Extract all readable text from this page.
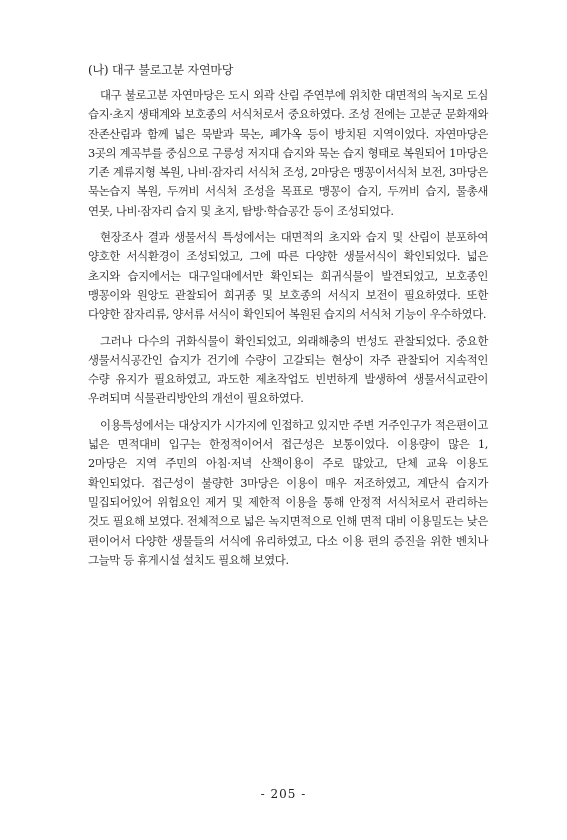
(나) 대구 불로고분 자연마당

대구 불로고분 자연마당은 도시 외곽 산림 주연부에 위치한 대면적의 녹지로 도심 습지·초지 생태계와 보호종의 서식처로서 중요하였다. 조성 전에는 고분군 문화재와 잔존산림과 함께 넓은 묵밭과 묵논, 폐가옥 등이 방치된 지역이었다. 자연마당은 3곳의 계곡부를 중심으로 구릉성 저지대 습지와 묵논 습지 형태로 복원되어 1마당은 기존 계류지형 복원, 나비·잠자리 서식처 조성, 2마당은 맹꽁이서식처 보전, 3마당은 묵논습지 복원, 두꺼비 서식처 조성을 목표로 맹꽁이 습지, 두꺼비 습지, 물총새 연못, 나비·잠자리 습지 및 초지, 탐방·학습공간 등이 조성되었다.

현장조사 결과 생물서식 특성에서는 대면적의 초지와 습지 및 산림이 분포하여 양호한 서식환경이 조성되었고, 그에 따른 다양한 생물서식이 확인되었다. 넓은 초지와 습지에서는 대구일대에서만 확인되는 희귀식물이 발견되었고, 보호종인 맹꽁이와 원앙도 관찰되어 희귀종 및 보호종의 서식지 보전이 필요하였다. 또한 다양한 잠자리류, 양서류 서식이 확인되어 복원된 습지의 서식처 기능이 우수하였다.

그러나 다수의 귀화식물이 확인되었고, 외래해충의 번성도 관찰되었다. 중요한 생물서식공간인 습지가 건기에 수량이 고갈되는 현상이 자주 관찰되어 지속적인 수량 유지가 필요하였고, 과도한 제초작업도 빈번하게 발생하여 생물서식교란이 우려되며 식물관리방안의 개선이 필요하였다.

이용특성에서는 대상지가 시가지에 인접하고 있지만 주변 거주인구가 적은편이고 넓은 면적대비 입구는 한정적이어서 접근성은 보통이었다. 이용량이 많은 1, 2마당은 지역 주민의 아침·저녁 산책이용이 주로 많았고, 단체 교육 이용도 확인되었다. 접근성이 불량한 3마당은 이용이 매우 저조하였고, 계단식 습지가 밀집되어있어 위험요인 제거 및 제한적 이용을 통해 안정적 서식처로서 관리하는 것도 필요해 보였다. 전체적으로 넓은 녹지면적으로 인해 면적 대비 이용밀도는 낮은 편이어서 다양한 생물들의 서식에 유리하였고, 다소 이용 편의 증진을 위한 벤치나 그늘막 등 휴게시설 설치도 필요해 보였다.

- 205 -
